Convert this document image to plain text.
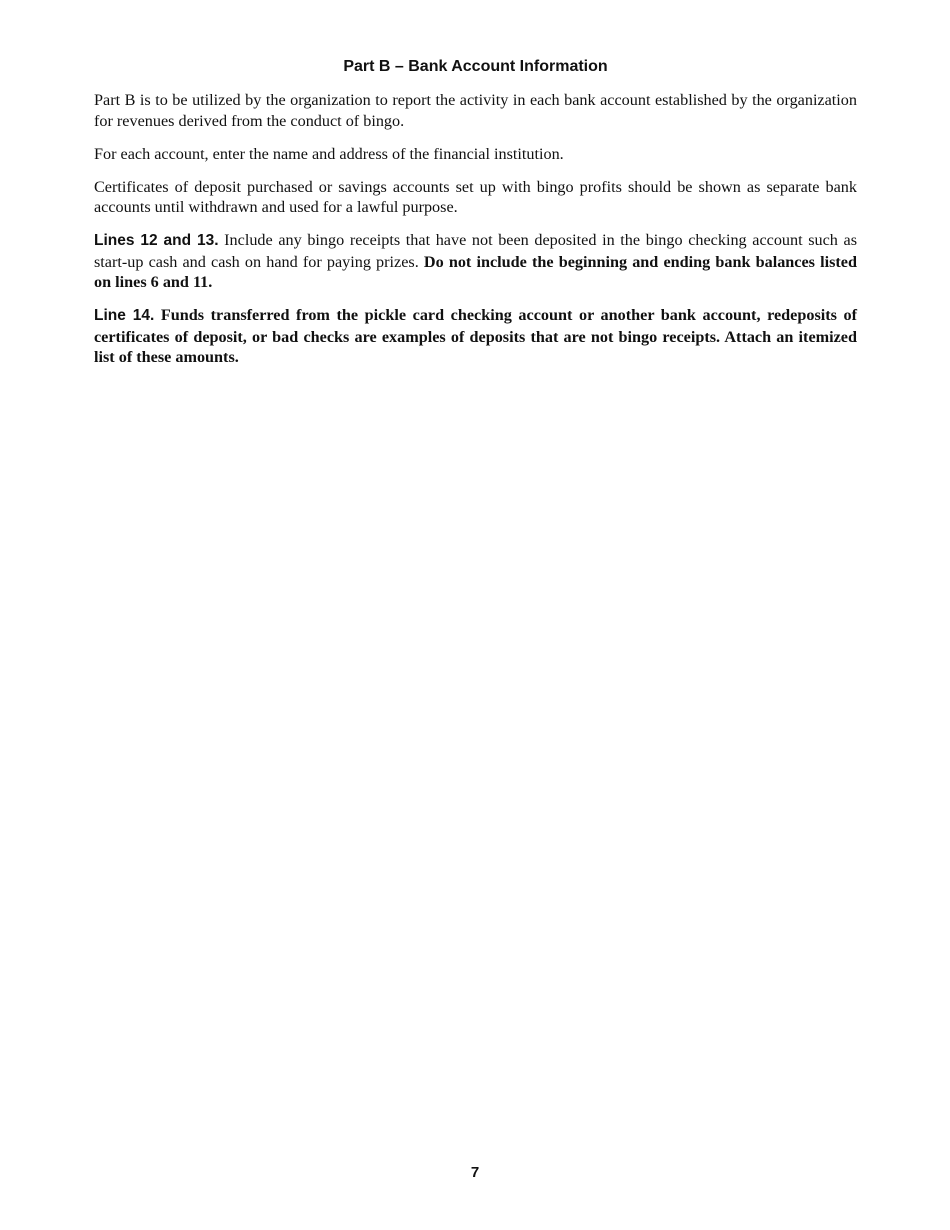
Part B – Bank Account Information

Part B is to be utilized by the organization to report the activity in each bank account established by the organization for revenues derived from the conduct of bingo.

For each account, enter the name and address of the financial institution.

Certificates of deposit purchased or savings accounts set up with bingo profits should be shown as separate bank accounts until withdrawn and used for a lawful purpose.

Lines 12 and 13. Include any bingo receipts that have not been deposited in the bingo checking account such as start-up cash and cash on hand for paying prizes. Do not include the beginning and ending bank balances listed on lines 6 and 11.

Line 14. Funds transferred from the pickle card checking account or another bank account, redeposits of certificates of deposit, or bad checks are examples of deposits that are not bingo receipts. Attach an itemized list of these amounts.

7
